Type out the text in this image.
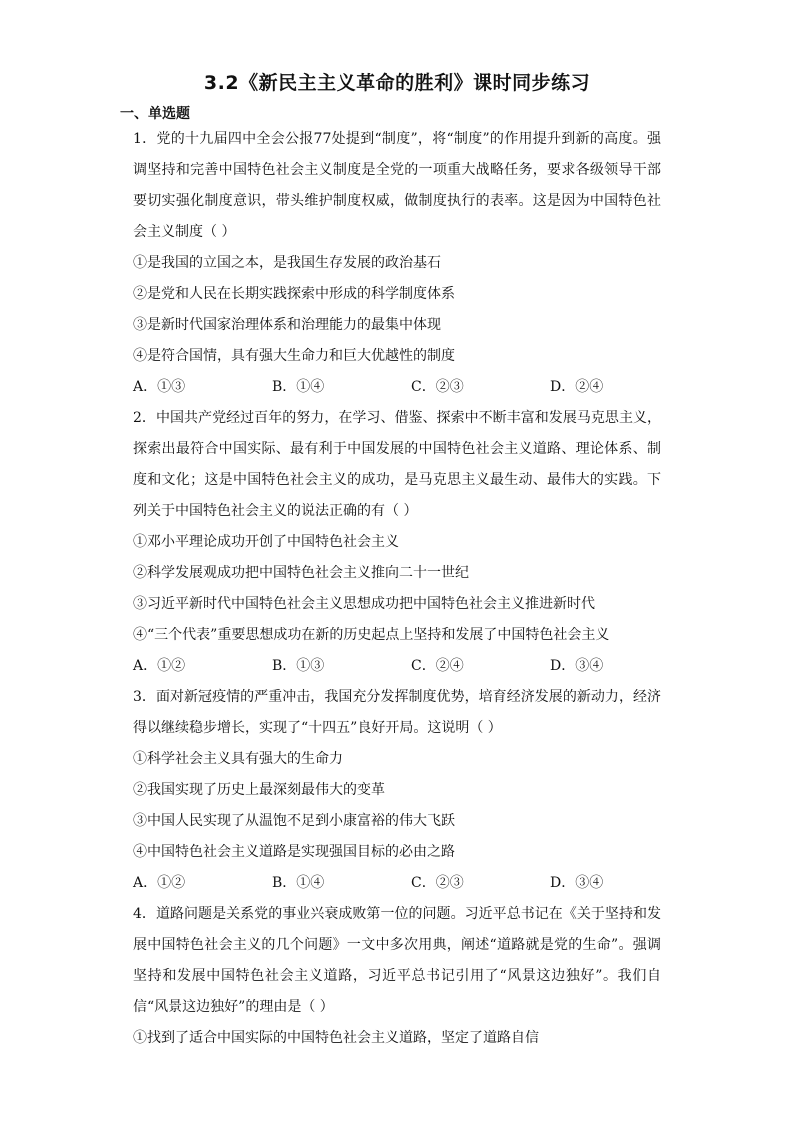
3.2《新民主主义革命的胜利》课时同步练习
一、单选题

1．党的十九届四中全会公报77处提到“制度”，将“制度”的作用提升到新的高度。强调坚持和完善中国特色社会主义制度是全党的一项重大战略任务，要求各级领导干部要切实强化制度意识，带头维护制度权威，做制度执行的表率。这是因为中国特色社会主义制度（ ）

①是我国的立国之本，是我国生存发展的政治基石

②是党和人民在长期实践探索中形成的科学制度体系

③是新时代国家治理体系和治理能力的最集中体现

④是符合国情，具有强大生命力和巨大优越性的制度

A．①③	B．①④	C．②③	D．②④

2．中国共产党经过百年的努力，在学习、借鉴、探索中不断丰富和发展马克思主义，探索出最符合中国实际、最有利于中国发展的中国特色社会主义道路、理论体系、制度和文化；这是中国特色社会主义的成功，是马克思主义最生动、最伟大的实践。下列关于中国特色社会主义的说法正确的有（ ）

①邓小平理论成功开创了中国特色社会主义

②科学发展观成功把中国特色社会主义推向二十一世纪

③习近平新时代中国特色社会主义思想成功把中国特色社会主义推进新时代

④“三个代表”重要思想成功在新的历史起点上坚持和发展了中国特色社会主义

A．①②	B．①③	C．②④	D．③④

3．面对新冠疫情的严重冲击，我国充分发挥制度优势，培育经济发展的新动力，经济得以继续稳步增长，实现了“十四五”良好开局。这说明（ ）

①科学社会主义具有强大的生命力

②我国实现了历史上最深刻最伟大的变革

③中国人民实现了从温饱不足到小康富裕的伟大飞跃

④中国特色社会主义道路是实现强国目标的必由之路

A．①②	B．①④	C．②③	D．③④

4．道路问题是关系党的事业兴衰成败第一位的问题。习近平总书记在《关于坚持和发展中国特色社会主义的几个问题》一文中多次用典，阐述“道路就是党的生命”。强调坚持和发展中国特色社会主义道路，习近平总书记引用了“风景这边独好”。我们自信“风景这边独好”的理由是（ ）

①找到了适合中国实际的中国特色社会主义道路，坚定了道路自信
